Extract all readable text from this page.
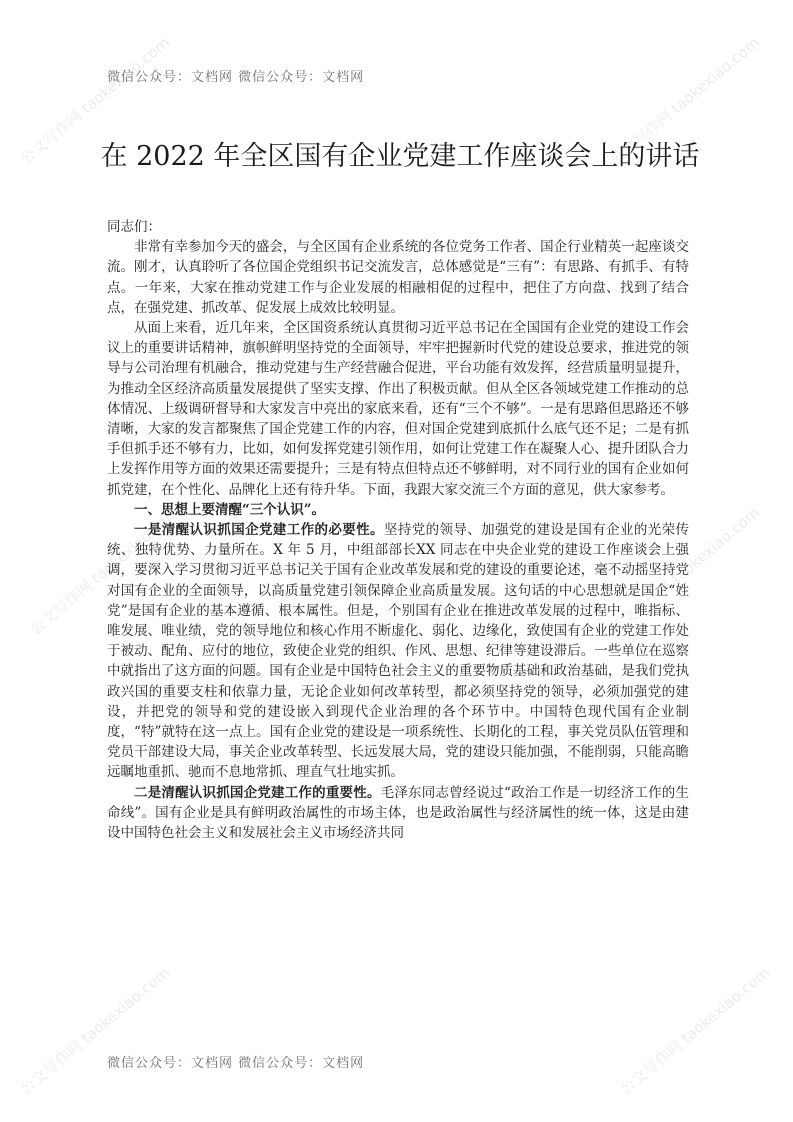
公文写作网 taokexiao.com	公文写作网 taokexiao.com
公文写作网 taokexiao.com	公文写作网 taokexiao.com
公文写作网 taokexiao.com	公文写作网 taokexiao.com
微信公众号：文档网 微信公众号：文档网
在 2022 年全区国有企业党建工作座谈会上的讲话

同志们：

非常有幸参加今天的盛会，与全区国有企业系统的各位党务工作者、国企行业精英一起座谈交流。刚才，认真聆听了各位国企党组织书记交流发言，总体感觉是“三有”：有思路、有抓手、有特点。一年来，大家在推动党建工作与企业发展的相融相促的过程中，把住了方向盘、找到了结合点，在强党建、抓改革、促发展上成效比较明显。

从面上来看，近几年来，全区国资系统认真贯彻习近平总书记在全国国有企业党的建设工作会议上的重要讲话精神，旗帜鲜明坚持党的全面领导，牢牢把握新时代党的建设总要求，推进党的领导与公司治理有机融合，推动党建与生产经营融合促进，平台功能有效发挥，经营质量明显提升，为推动全区经济高质量发展提供了坚实支撑、作出了积极贡献。但从全区各领域党建工作推动的总体情况、上级调研督导和大家发言中亮出的家底来看，还有“三个不够”。一是有思路但思路还不够清晰，大家的发言都聚焦了国企党建工作的内容，但对国企党建到底抓什么底气还不足；二是有抓手但抓手还不够有力，比如，如何发挥党建引领作用，如何让党建工作在凝聚人心、提升团队合力上发挥作用等方面的效果还需要提升；三是有特点但特点还不够鲜明，对不同行业的国有企业如何抓党建，在个性化、品牌化上还有待升华。下面，我跟大家交流三个方面的意见，供大家参考。

一、思想上要清醒“三个认识”。

一是清醒认识抓国企党建工作的必要性。坚持党的领导、加强党的建设是国有企业的光荣传统、独特优势、力量所在。X 年 5 月，中组部部长XX 同志在中央企业党的建设工作座谈会上强调，要深入学习贯彻习近平总书记关于国有企业改革发展和党的建设的重要论述，毫不动摇坚持党对国有企业的全面领导，以高质量党建引领保障企业高质量发展。这句话的中心思想就是国企“姓党”是国有企业的基本遵循、根本属性。但是，个别国有企业在推进改革发展的过程中，唯指标、唯发展、唯业绩，党的领导地位和核心作用不断虚化、弱化、边缘化，致使国有企业的党建工作处于被动、配角、应付的地位，致使企业党的组织、作风、思想、纪律等建设滞后。一些单位在巡察中就指出了这方面的问题。国有企业是中国特色社会主义的重要物质基础和政治基础，是我们党执政兴国的重要支柱和依靠力量，无论企业如何改革转型，都必须坚持党的领导，必须加强党的建设，并把党的领导和党的建设嵌入到现代企业治理的各个环节中。中国特色现代国有企业制度，“特”就特在这一点上。国有企业党的建设是一项系统性、长期化的工程，事关党员队伍管理和党员干部建设大局，事关企业改革转型、长远发展大局，党的建设只能加强，不能削弱，只能高瞻远瞩地重抓、驰而不息地常抓、理直气壮地实抓。

二是清醒认识抓国企党建工作的重要性。毛泽东同志曾经说过“政治工作是一切经济工作的生命线”。国有企业是具有鲜明政治属性的市场主体，也是政治属性与经济属性的统一体，这是由建设中国特色社会主义和发展社会主义市场经济共同

微信公众号：文档网 微信公众号：文档网
